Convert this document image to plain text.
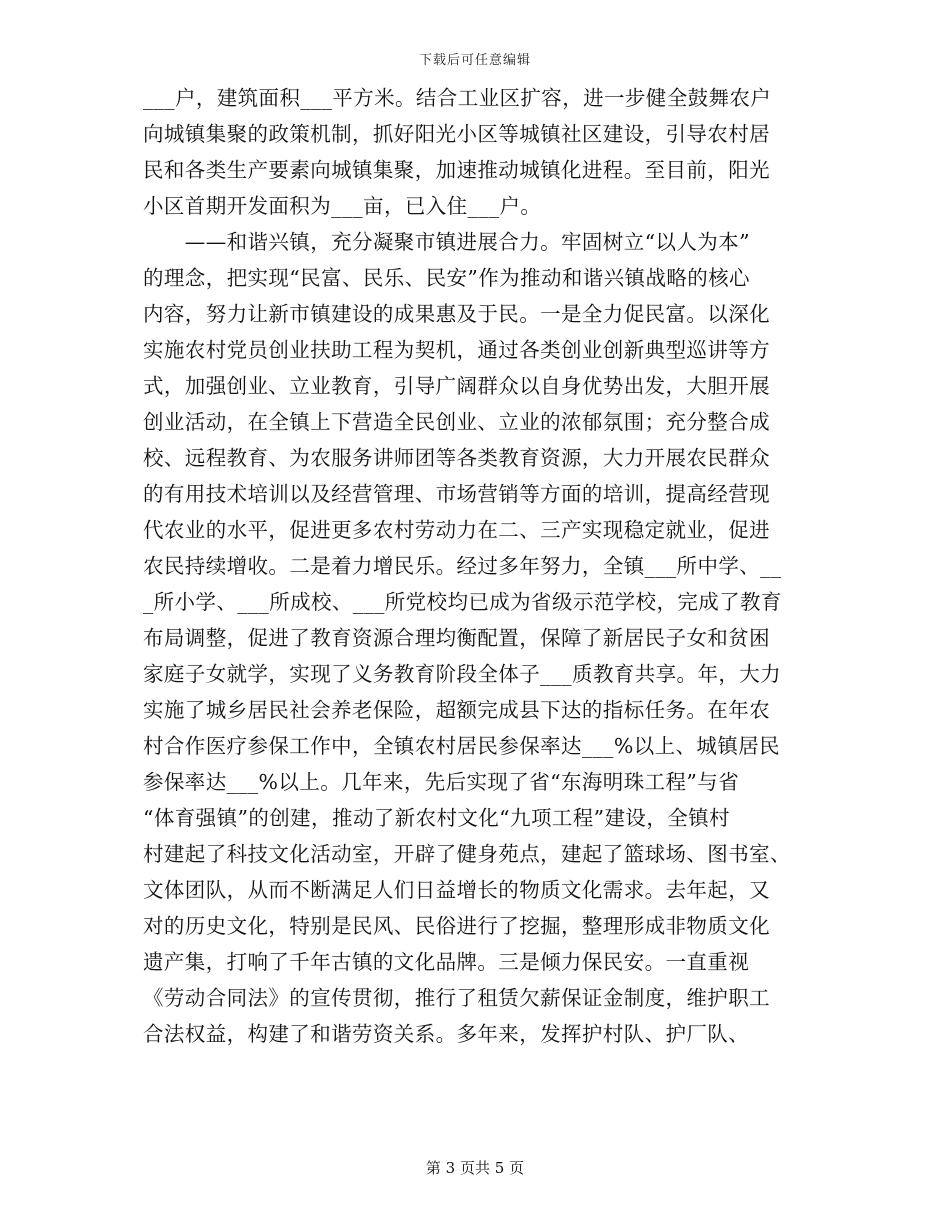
下载后可任意编辑

___户，建筑面积___平方米。结合工业区扩容，进一步健全鼓舞农户

向城镇集聚的政策机制，抓好阳光小区等城镇社区建设，引导农村居

民和各类生产要素向城镇集聚，加速推动城镇化进程。至目前，阳光

小区首期开发面积为___亩，已入住___户。

　　——和谐兴镇，充分凝聚市镇进展合力。牢固树立“以人为本”

的理念，把实现“民富、民乐、民安”作为推动和谐兴镇战略的核心

内容，努力让新市镇建设的成果惠及于民。一是全力促民富。以深化

实施农村党员创业扶助工程为契机，通过各类创业创新典型巡讲等方

式，加强创业、立业教育，引导广阔群众以自身优势出发，大胆开展

创业活动，在全镇上下营造全民创业、立业的浓郁氛围；充分整合成

校、远程教育、为农服务讲师团等各类教育资源，大力开展农民群众

的有用技术培训以及经营管理、市场营销等方面的培训，提高经营现

代农业的水平，促进更多农村劳动力在二、三产实现稳定就业，促进

农民持续增收。二是着力增民乐。经过多年努力，全镇___所中学、__

_所小学、___所成校、___所党校均已成为省级示范学校，完成了教育

布局调整，促进了教育资源合理均衡配置，保障了新居民子女和贫困

家庭子女就学，实现了义务教育阶段全体子___质教育共享。年，大力

实施了城乡居民社会养老保险，超额完成县下达的指标任务。在年农

村合作医疗参保工作中，全镇农村居民参保率达___%以上、城镇居民

参保率达___%以上。几年来，先后实现了省“东海明珠工程”与省

“体育强镇”的创建，推动了新农村文化“九项工程”建设，全镇村

村建起了科技文化活动室，开辟了健身苑点，建起了篮球场、图书室、

文体团队，从而不断满足人们日益增长的物质文化需求。去年起，又

对的历史文化，特别是民风、民俗进行了挖掘，整理形成非物质文化

遗产集，打响了千年古镇的文化品牌。三是倾力保民安。一直重视

《劳动合同法》的宣传贯彻，推行了租赁欠薪保证金制度，维护职工

合法权益，构建了和谐劳资关系。多年来，发挥护村队、护厂队、

第 3 页共 5 页
